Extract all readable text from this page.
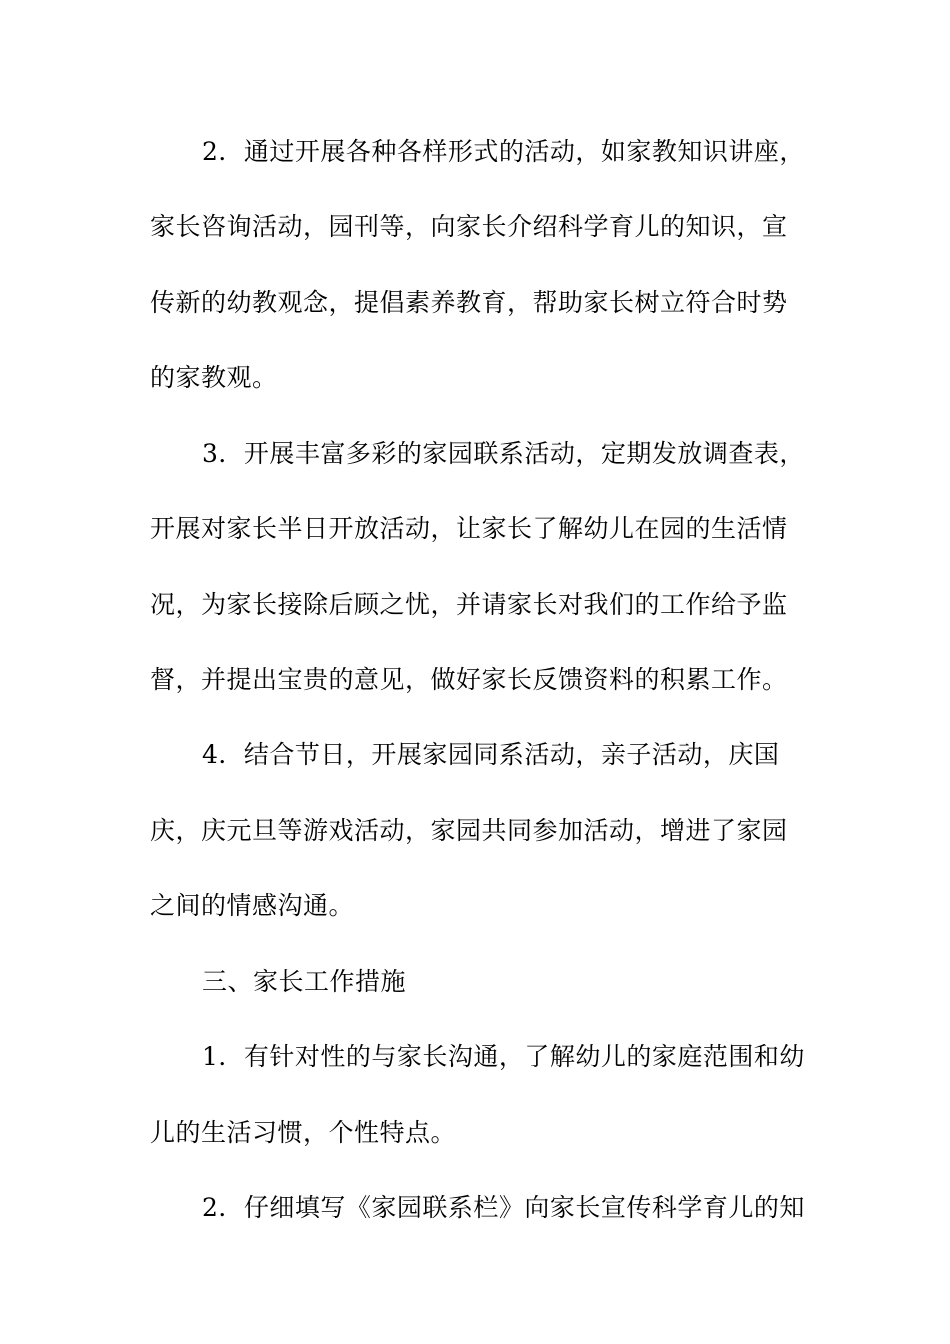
2．通过开展各种各样形式的活动，如家教知识讲座，
家长咨询活动，园刊等，向家长介绍科学育儿的知识，宣
传新的幼教观念，提倡素养教育，帮助家长树立符合时势
的家教观。
3．开展丰富多彩的家园联系活动，定期发放调查表，
开展对家长半日开放活动，让家长了解幼儿在园的生活情
况，为家长接除后顾之忧，并请家长对我们的工作给予监
督，并提出宝贵的意见，做好家长反馈资料的积累工作。
4．结合节日，开展家园同系活动，亲子活动，庆国
庆，庆元旦等游戏活动，家园共同参加活动，增进了家园
之间的情感沟通。
三、家长工作措施
1．有针对性的与家长沟通，了解幼儿的家庭范围和幼
儿的生活习惯，个性特点。
2．仔细填写《家园联系栏》向家长宣传科学育儿的知
